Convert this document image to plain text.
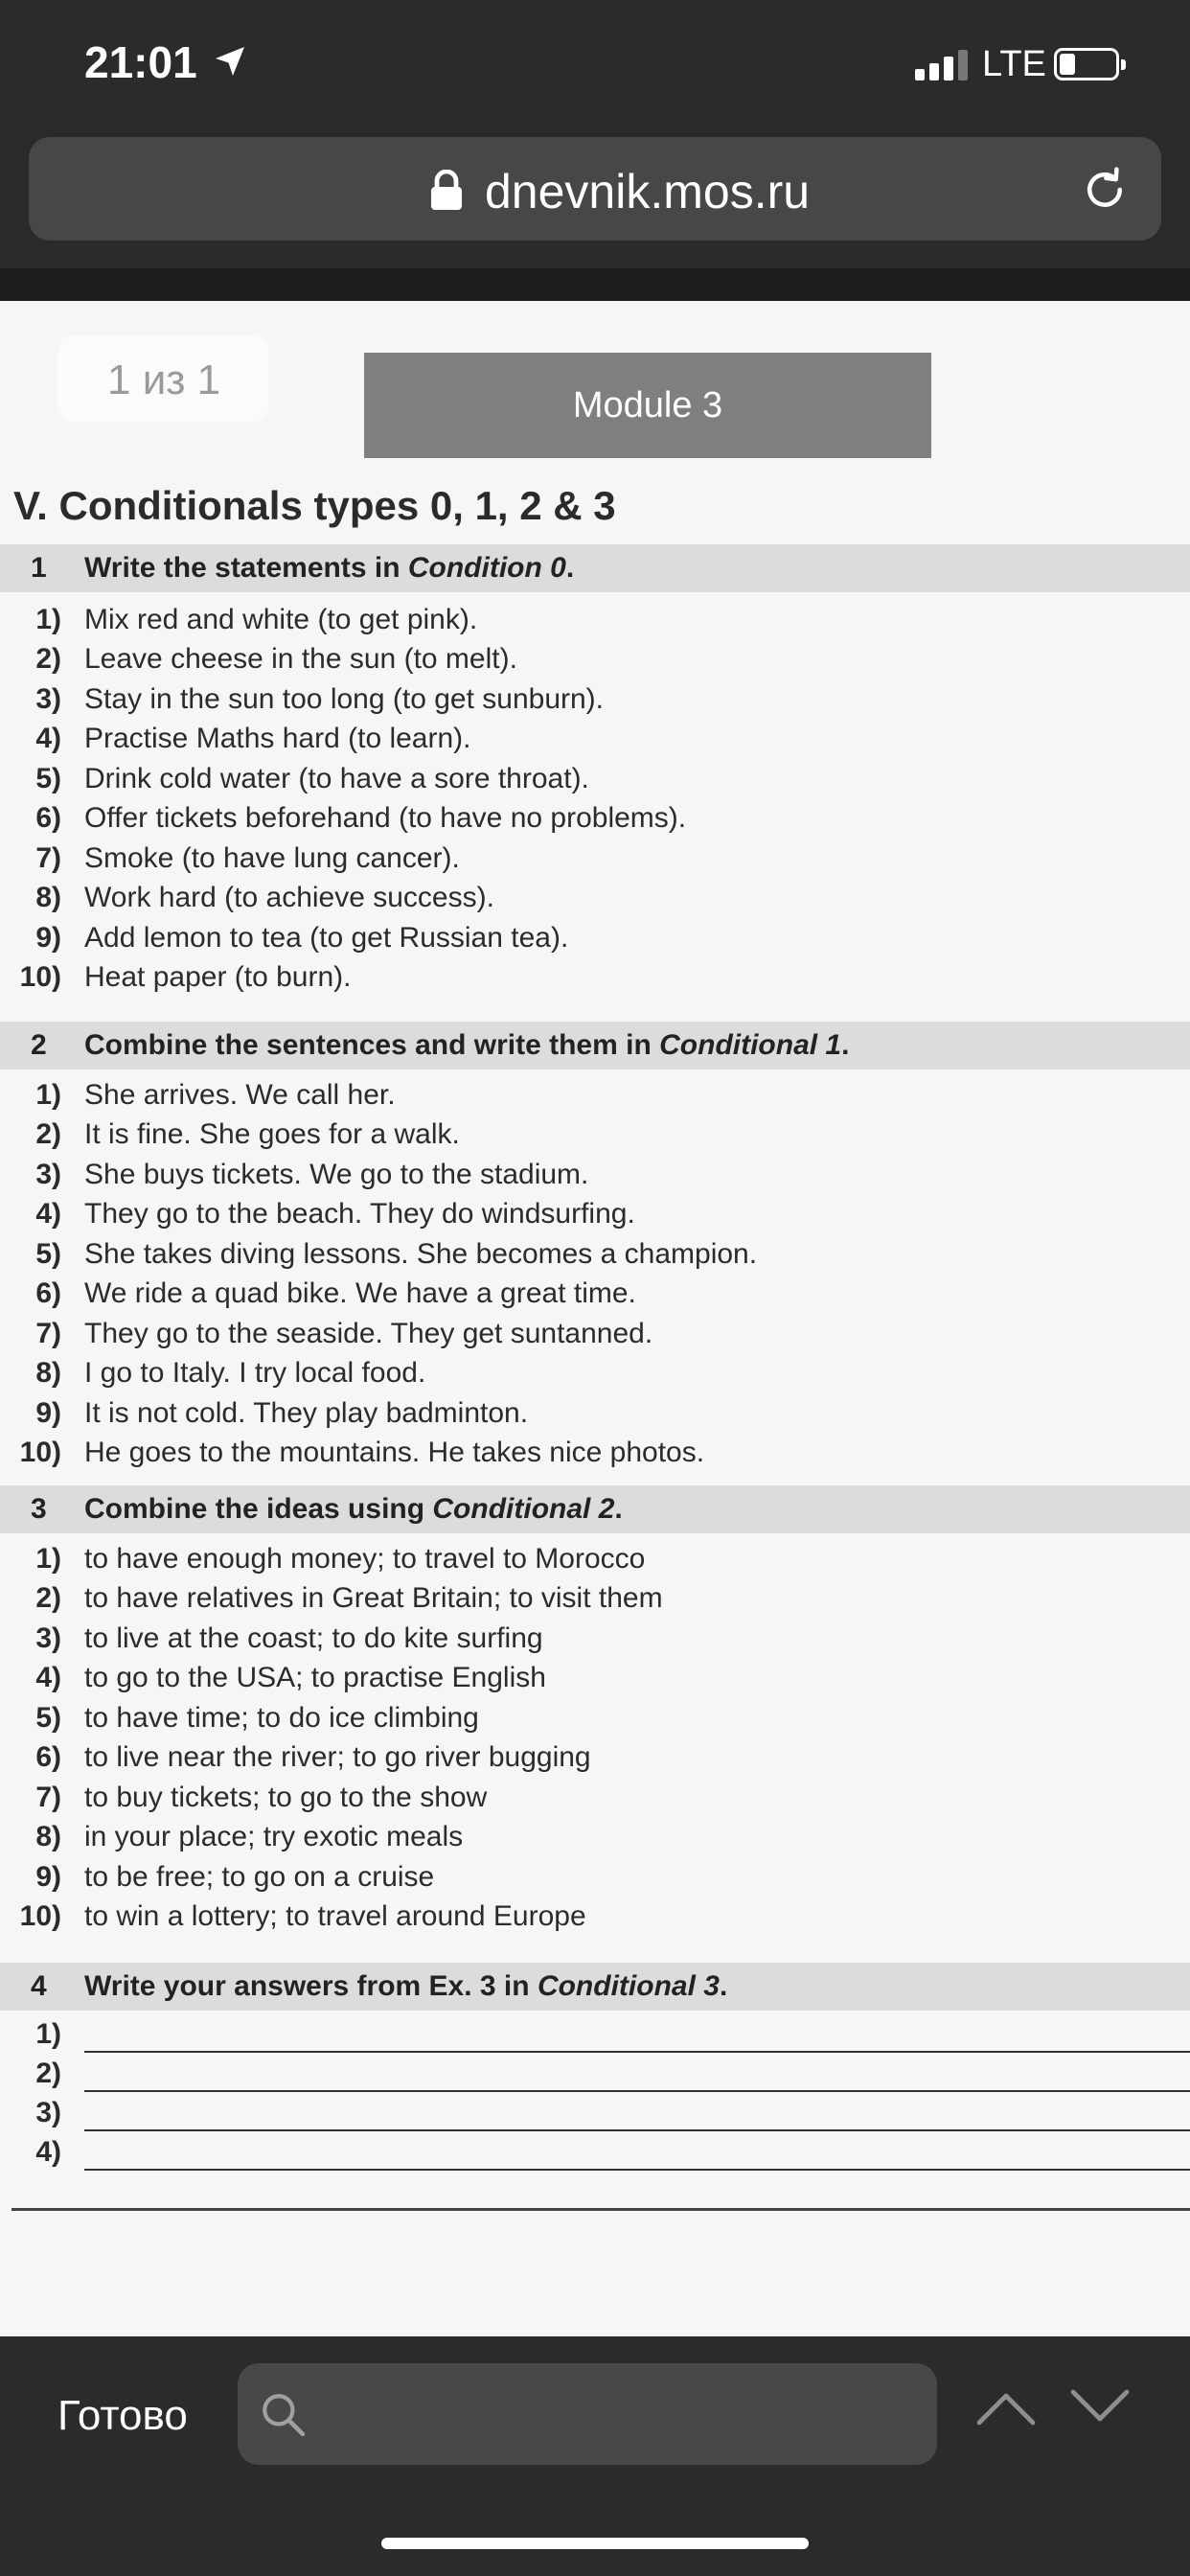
21:01	LTE
dnevnik.mos.ru
1 из 1
Module 3
V. Conditionals types 0, 1, 2 & 3
1 Write the statements in Condition 0.
1) Mix red and white (to get pink).
2) Leave cheese in the sun (to melt).
3) Stay in the sun too long (to get sunburn).
4) Practise Maths hard (to learn).
5) Drink cold water (to have a sore throat).
6) Offer tickets beforehand (to have no problems).
7) Smoke (to have lung cancer).
8) Work hard (to achieve success).
9) Add lemon to tea (to get Russian tea).
10) Heat paper (to burn).
2 Combine the sentences and write them in Conditional 1.
1) She arrives. We call her.
2) It is fine. She goes for a walk.
3) She buys tickets. We go to the stadium.
4) They go to the beach. They do windsurfing.
5) She takes diving lessons. She becomes a champion.
6) We ride a quad bike. We have a great time.
7) They go to the seaside. They get suntanned.
8) I go to Italy. I try local food.
9) It is not cold. They play badminton.
10) He goes to the mountains. He takes nice photos.
3 Combine the ideas using Conditional 2.
1) to have enough money; to travel to Morocco
2) to have relatives in Great Britain; to visit them
3) to live at the coast; to do kite surfing
4) to go to the USA; to practise English
5) to have time; to do ice climbing
6) to live near the river; to go river bugging
7) to buy tickets; to go to the show
8) in your place; try exotic meals
9) to be free; to go on a cruise
10) to win a lottery; to travel around Europe
4 Write your answers from Ex. 3 in Conditional 3.
1)
2)
3)
4)
Готово
